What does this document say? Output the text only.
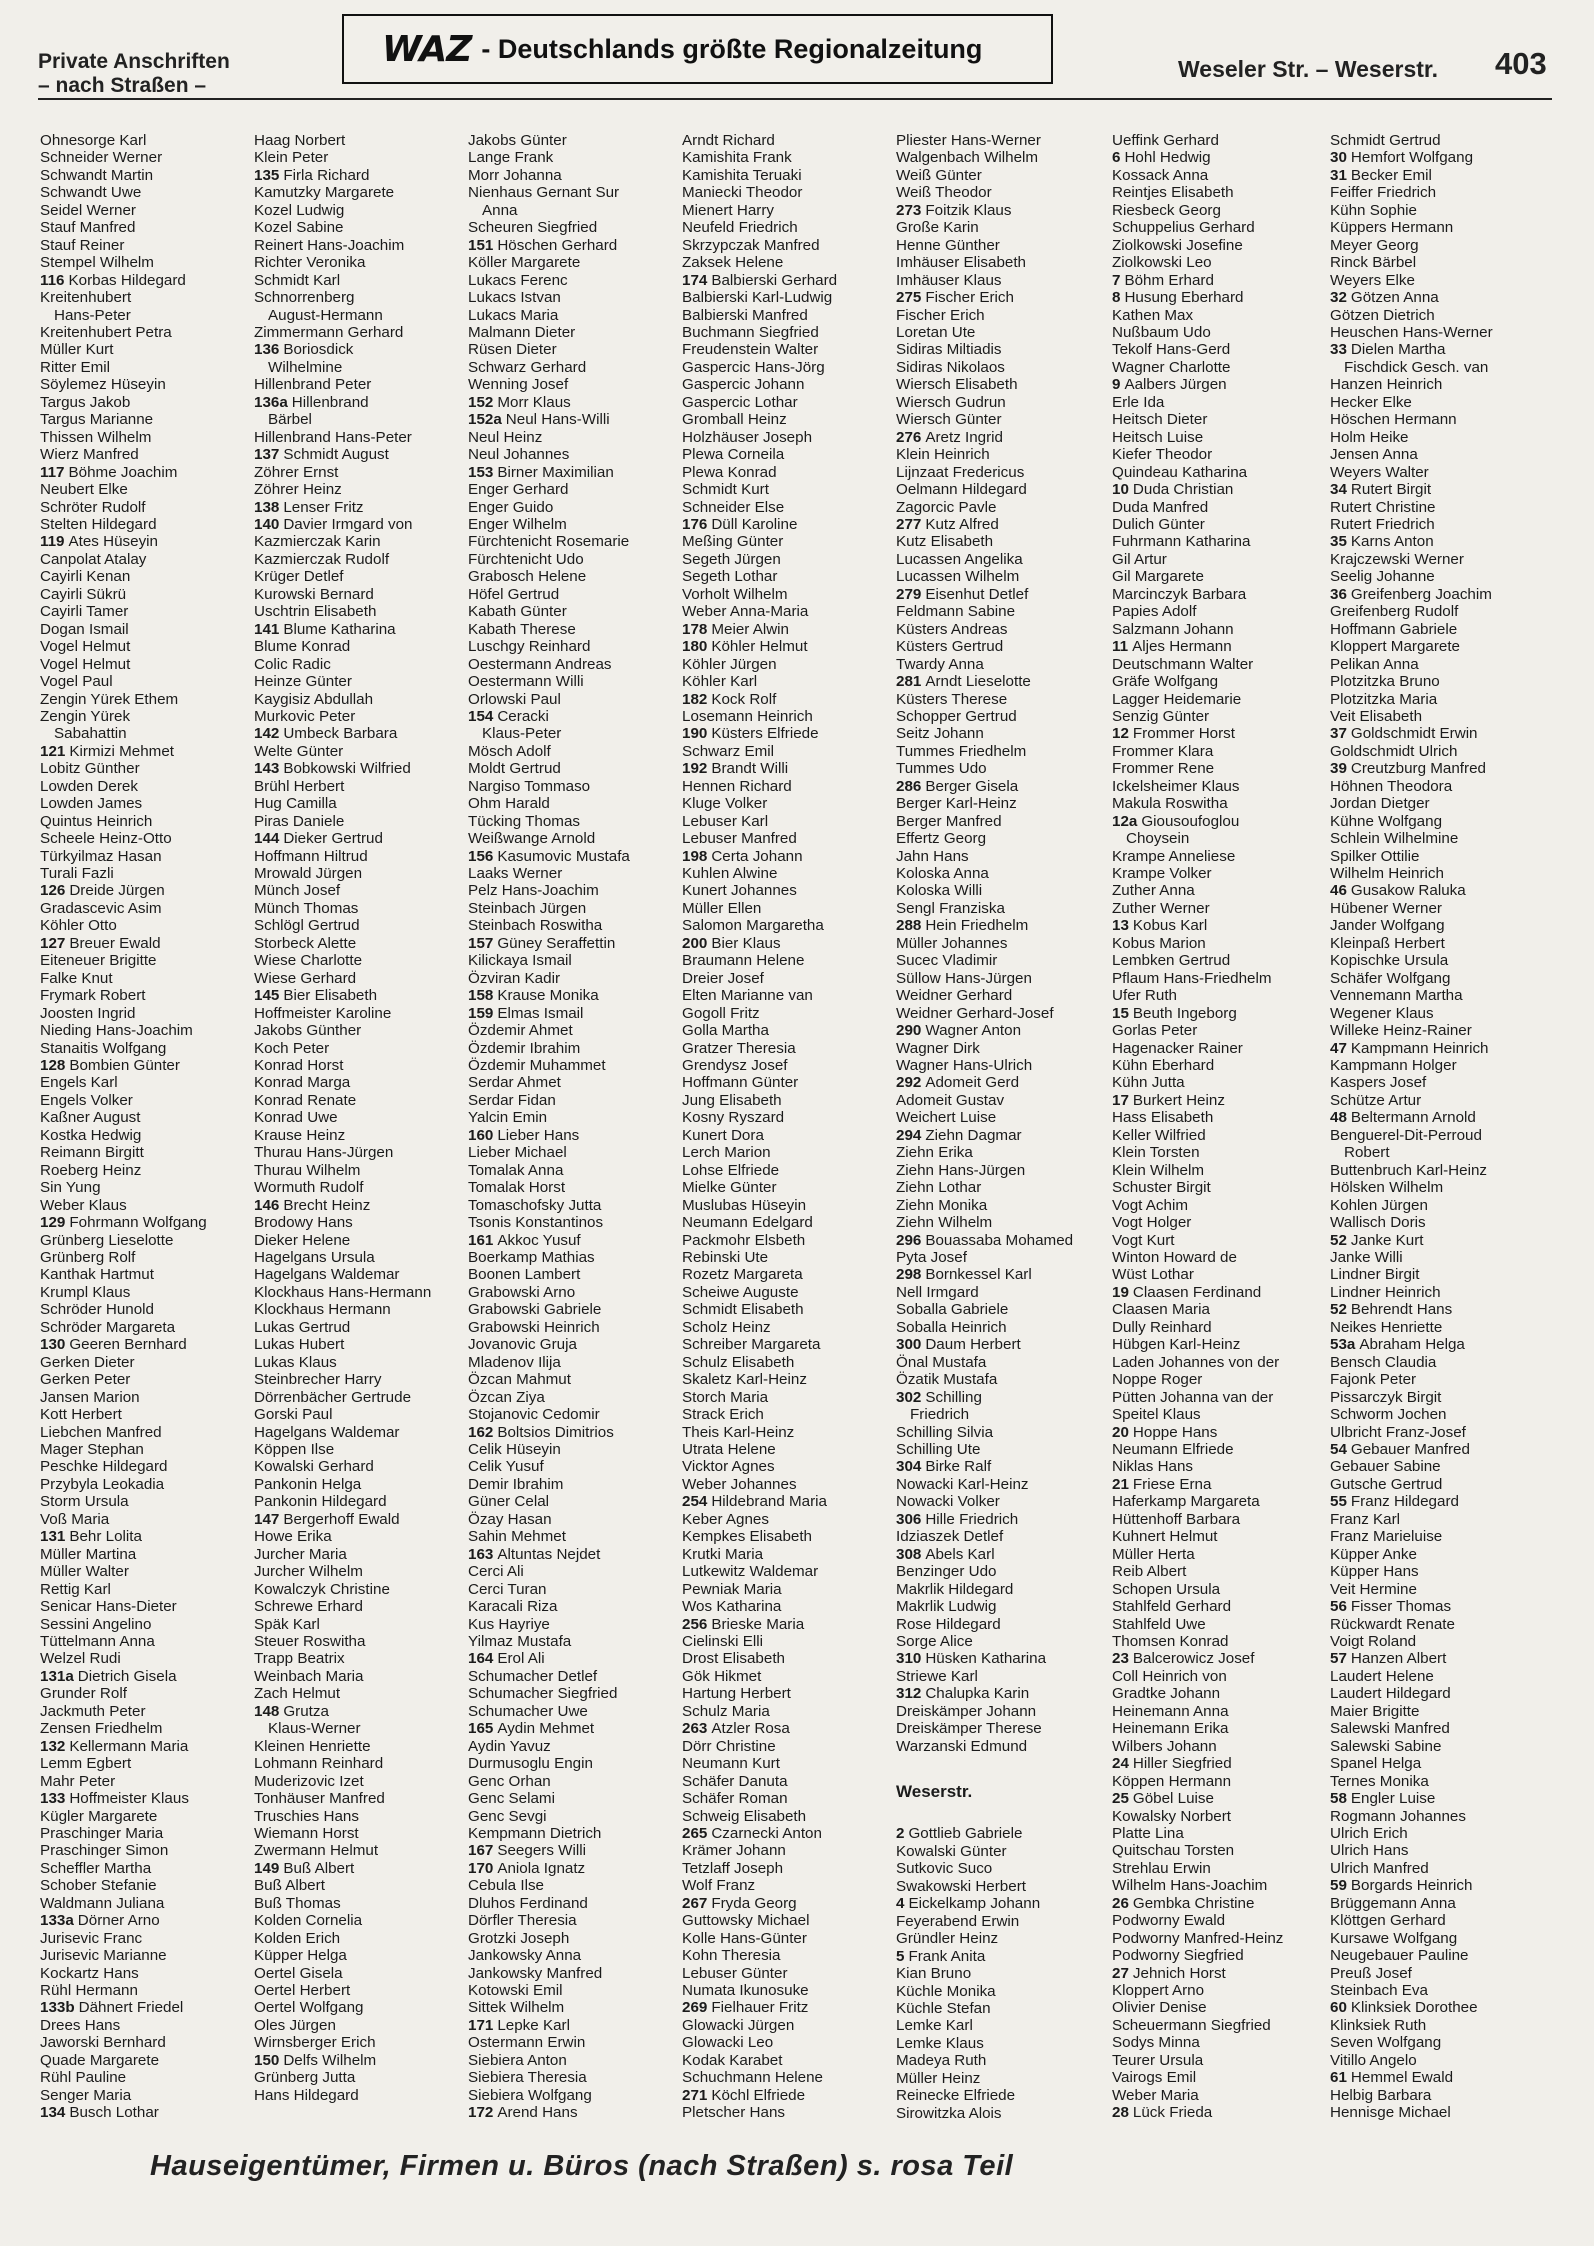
Private Anschriften
– nach Straßen –
WAZ - Deutschlands größte Regionalzeitung
Weseler Str. – Weserstr. 403
Ohnesorge Karl
Schneider Werner
Schwandt Martin
Schwandt Uwe
Seidel Werner
Stauf Manfred
Stauf Reiner
Stempel Wilhelm
116 Korbas Hildegard
Kreitenhubert
Hans-Peter
Kreitenhubert Petra
Müller Kurt
Ritter Emil
Söylemez Hüseyin
Targus Jakob
Targus Marianne
Thissen Wilhelm
Wierz Manfred
117 Böhme Joachim
Neubert Elke
Schröter Rudolf
Stelten Hildegard
119 Ates Hüseyin
Canpolat Atalay
Cayirli Kenan
Cayirli Sükrü
Cayirli Tamer
Dogan Ismail
Vogel Helmut
Vogel Helmut
Vogel Paul
Zengin Yürek Ethem
Zengin Yürek
Sabahattin
121 Kirmizi Mehmet
Lobitz Günther
Lowden Derek
Lowden James
Quintus Heinrich
Scheele Heinz-Otto
Türkyilmaz Hasan
Turali Fazli
126 Dreide Jürgen
Gradascevic Asim
Köhler Otto
127 Breuer Ewald
Eiteneuer Brigitte
Falke Knut
Frymark Robert
Joosten Ingrid
Nieding Hans-Joachim
Stanaitis Wolfgang
128 Bombien Günter
Engels Karl
Engels Volker
Kaßner August
Kostka Hedwig
Reimann Birgitt
Roeberg Heinz
Sin Yung
Weber Klaus
129 Fohrmann Wolfgang
Grünberg Lieselotte
Grünberg Rolf
Kanthak Hartmut
Krumpl Klaus
Schröder Hunold
Schröder Margareta
130 Geeren Bernhard
Gerken Dieter
Gerken Peter
Jansen Marion
Kott Herbert
Liebchen Manfred
Mager Stephan
Peschke Hildegard
Przybyla Leokadia
Storm Ursula
Voß Maria
131 Behr Lolita
Müller Martina
Müller Walter
Rettig Karl
Senicar Hans-Dieter
Sessini Angelino
Tüttelmann Anna
Welzel Rudi
131a Dietrich Gisela
Grunder Rolf
Jackmuth Peter
Zensen Friedhelm
132 Kellermann Maria
Lemm Egbert
Mahr Peter
133 Hoffmeister Klaus
Kügler Margarete
Praschinger Maria
Praschinger Simon
Scheffler Martha
Schober Stefanie
Waldmann Juliana
133a Dörner Arno
Jurisevic Franc
Jurisevic Marianne
Kockartz Hans
Rühl Hermann
133b Dähnert Friedel
Drees Hans
Jaworski Bernhard
Quade Margarete
Rühl Pauline
Senger Maria
134 Busch Lothar
Haag Norbert
Klein Peter
135 Firla Richard
Kamutzky Margarete
Kozel Ludwig
Kozel Sabine
Reinert Hans-Joachim
Richter Veronika
Schmidt Karl
Schnorrenberg
August-Hermann
Zimmermann Gerhard
136 Boriosdick
Wilhelmine
Hillenbrand Peter
136a Hillenbrand
Bärbel
Hillenbrand Hans-Peter
137 Schmidt August
Zöhrer Ernst
Zöhrer Heinz
138 Lenser Fritz
140 Davier Irmgard von
Kazmierczak Karin
Kazmierczak Rudolf
Krüger Detlef
Kurowski Bernard
Uschtrin Elisabeth
141 Blume Katharina
Blume Konrad
Colic Radic
Heinze Günter
Kaygisiz Abdullah
Murkovic Peter
142 Umbeck Barbara
Welte Günter
143 Bobkowski Wilfried
Brühl Herbert
Hug Camilla
Piras Daniele
144 Dieker Gertrud
Hoffmann Hiltrud
Mrowald Jürgen
Münch Josef
Münch Thomas
Schlögl Gertrud
Storbeck Alette
Wiese Charlotte
Wiese Gerhard
145 Bier Elisabeth
Hoffmeister Karoline
Jakobs Günther
Koch Peter
Konrad Horst
Konrad Marga
Konrad Renate
Konrad Uwe
Krause Heinz
Thurau Hans-Jürgen
Thurau Wilhelm
Wormuth Rudolf
146 Brecht Heinz
Brodowy Hans
Dieker Helene
Hagelgans Ursula
Hagelgans Waldemar
Klockhaus Hans-Hermann
Klockhaus Hermann
Lukas Gertrud
Lukas Hubert
Lukas Klaus
Steinbrecher Harry
Dörrenbächer Gertrude
Gorski Paul
Hagelgans Waldemar
Köppen Ilse
Kowalski Gerhard
Pankonin Helga
Pankonin Hildegard
147 Bergerhoff Ewald
Howe Erika
Jurcher Maria
Jurcher Wilhelm
Kowalczyk Christine
Schrewe Erhard
Späk Karl
Steuer Roswitha
Trapp Beatrix
Weinbach Maria
Zach Helmut
148 Grutza
Klaus-Werner
Kleinen Henriette
Lohmann Reinhard
Muderizovic Izet
Tonhäuser Manfred
Truschies Hans
Wiemann Horst
Zwermann Helmut
149 Buß Albert
Buß Albert
Buß Thomas
Kolden Cornelia
Kolden Erich
Küpper Helga
Oertel Gisela
Oertel Herbert
Oertel Wolfgang
Oles Jürgen
Wirnsberger Erich
150 Delfs Wilhelm
Grünberg Jutta
Hans Hildegard
Jakobs Günter
Lange Frank
Morr Johanna
Nienhaus Gernant Sur
Anna
Scheuren Siegfried
151 Höschen Gerhard
Köller Margarete
Lukacs Ferenc
Lukacs Istvan
Lukacs Maria
Malmann Dieter
Rüsen Dieter
Schwarz Gerhard
Wenning Josef
152 Morr Klaus
152a Neul Hans-Willi
Neul Heinz
Neul Johannes
153 Birner Maximilian
Enger Gerhard
Enger Guido
Enger Wilhelm
Fürchtenicht Rosemarie
Fürchtenicht Udo
Grabosch Helene
Höfel Gertrud
Kabath Günter
Kabath Therese
Luschgy Reinhard
Oestermann Andreas
Oestermann Willi
Orlowski Paul
154 Ceracki
Klaus-Peter
Mösch Adolf
Moldt Gertrud
Nargiso Tommaso
Ohm Harald
Tücking Thomas
Weißwange Arnold
156 Kasumovic Mustafa
Laaks Werner
Pelz Hans-Joachim
Steinbach Jürgen
Steinbach Roswitha
157 Güney Seraffettin
Kilickaya Ismail
Özviran Kadir
158 Krause Monika
159 Elmas Ismail
Özdemir Ahmet
Özdemir Ibrahim
Özdemir Muhammet
Serdar Ahmet
Serdar Fidan
Yalcin Emin
160 Lieber Hans
Lieber Michael
Tomalak Anna
Tomalak Horst
Tomaschofsky Jutta
Tsonis Konstantinos
161 Akkoc Yusuf
Boerkamp Mathias
Boonen Lambert
Grabowski Arno
Grabowski Gabriele
Grabowski Heinrich
Jovanovic Gruja
Mladenov Ilija
Özcan Mahmut
Özcan Ziya
Stojanovic Cedomir
162 Boltsios Dimitrios
Celik Hüseyin
Celik Yusuf
Demir Ibrahim
Güner Celal
Özay Hasan
Sahin Mehmet
163 Altuntas Nejdet
Cerci Ali
Cerci Turan
Karacali Riza
Kus Hayriye
Yilmaz Mustafa
164 Erol Ali
Schumacher Detlef
Schumacher Siegfried
Schumacher Uwe
165 Aydin Mehmet
Aydin Yavuz
Durmusoglu Engin
Genc Orhan
Genc Selami
Genc Sevgi
Kempmann Dietrich
167 Seegers Willi
170 Aniola Ignatz
Cebula Ilse
Dluhos Ferdinand
Dörfler Theresia
Grotzki Joseph
Jankowsky Anna
Jankowsky Manfred
Kotowski Emil
Sittek Wilhelm
171 Lepke Karl
Ostermann Erwin
Siebiera Anton
Siebiera Theresia
Siebiera Wolfgang
172 Arend Hans
Arndt Richard
Kamishita Frank
Kamishita Teruaki
Maniecki Theodor
Mienert Harry
Neufeld Friedrich
Skrzypczak Manfred
Zaksek Helene
174 Balbierski Gerhard
Balbierski Karl-Ludwig
Balbierski Manfred
Buchmann Siegfried
Freudenstein Walter
Gaspercic Hans-Jörg
Gaspercic Johann
Gaspercic Lothar
Gromball Heinz
Holzhäuser Joseph
Plewa Corneila
Plewa Konrad
Schmidt Kurt
Schneider Else
176 Düll Karoline
Meßing Günter
Segeth Jürgen
Segeth Lothar
Vorholt Wilhelm
Weber Anna-Maria
178 Meier Alwin
180 Köhler Helmut
Köhler Jürgen
Köhler Karl
182 Kock Rolf
Losemann Heinrich
190 Küsters Elfriede
Schwarz Emil
192 Brandt Willi
Hennen Richard
Kluge Volker
Lebuser Karl
Lebuser Manfred
198 Certa Johann
Kuhlen Alwine
Kunert Johannes
Müller Ellen
Salomon Margaretha
200 Bier Klaus
Braumann Helene
Dreier Josef
Elten Marianne van
Gogoll Fritz
Golla Martha
Gratzer Theresia
Grendysz Josef
Hoffmann Günter
Jung Elisabeth
Kosny Ryszard
Kunert Dora
Lerch Marion
Lohse Elfriede
Mielke Günter
Muslubas Hüseyin
Neumann Edelgard
Packmohr Elsbeth
Rebinski Ute
Rozetz Margareta
Scheiwe Auguste
Schmidt Elisabeth
Scholz Heinz
Schreiber Margareta
Schulz Elisabeth
Skaletz Karl-Heinz
Storch Maria
Strack Erich
Theis Karl-Heinz
Utrata Helene
Vicktor Agnes
Weber Johannes
254 Hildebrand Maria
Keber Agnes
Kempkes Elisabeth
Krutki Maria
Lutkewitz Waldemar
Pewniak Maria
Wos Katharina
256 Brieske Maria
Cielinski Elli
Drost Elisabeth
Gök Hikmet
Hartung Herbert
Schulz Maria
263 Atzler Rosa
Dörr Christine
Neumann Kurt
Schäfer Danuta
Schäfer Roman
Schweig Elisabeth
265 Czarnecki Anton
Krämer Johann
Tetzlaff Joseph
Wolf Franz
267 Fryda Georg
Guttowsky Michael
Kolle Hans-Günter
Kohn Theresia
Lebuser Günter
Numata Ikunosuke
269 Fielhauer Fritz
Glowacki Jürgen
Glowacki Leo
Kodak Karabet
Schuchmann Helene
271 Köchl Elfriede
Pletscher Hans
Pliester Hans-Werner
Walgenbach Wilhelm
Weiß Günter
Weiß Theodor
273 Foitzik Klaus
Große Karin
Henne Günther
Imhäuser Elisabeth
Imhäuser Klaus
275 Fischer Erich
Fischer Erich
Loretan Ute
Sidiras Miltiadis
Sidiras Nikolaos
Wiersch Elisabeth
Wiersch Gudrun
Wiersch Günter
276 Aretz Ingrid
Klein Heinrich
Lijnzaat Fredericus
Oelmann Hildegard
Zagorcic Pavle
277 Kutz Alfred
Kutz Elisabeth
Lucassen Angelika
Lucassen Wilhelm
279 Eisenhut Detlef
Feldmann Sabine
Küsters Andreas
Küsters Gertrud
Twardy Anna
281 Arndt Lieselotte
Küsters Therese
Schopper Gertrud
Seitz Johann
Tummes Friedhelm
Tummes Udo
286 Berger Gisela
Berger Karl-Heinz
Berger Manfred
Effertz Georg
Jahn Hans
Koloska Anna
Koloska Willi
Sengl Franziska
288 Hein Friedhelm
Müller Johannes
Sucec Vladimir
Süllow Hans-Jürgen
Weidner Gerhard
Weidner Gerhard-Josef
290 Wagner Anton
Wagner Dirk
Wagner Hans-Ulrich
292 Adomeit Gerd
Adomeit Gustav
Weichert Luise
294 Ziehn Dagmar
Ziehn Erika
Ziehn Hans-Jürgen
Ziehn Lothar
Ziehn Monika
Ziehn Wilhelm
296 Bouassaba Mohamed
Pyta Josef
298 Bornkessel Karl
Nell Irmgard
Soballa Gabriele
Soballa Heinrich
300 Daum Herbert
Önal Mustafa
Özatik Mustafa
302 Schilling
Friedrich
Schilling Silvia
Schilling Ute
304 Birke Ralf
Nowacki Karl-Heinz
Nowacki Volker
306 Hille Friedrich
Idziaszek Detlef
308 Abels Karl
Benzinger Udo
Makrlik Hildegard
Makrlik Ludwig
Rose Hildegard
Sorge Alice
310 Hüsken Katharina
Striewe Karl
312 Chalupka Karin
Dreiskämper Johann
Dreiskämper Therese
Warzanski Edmund
Weserstr.
2 Gottlieb Gabriele
Kowalski Günter
Sutkovic Suco
Swakowski Herbert
4 Eickelkamp Johann
Feyerabend Erwin
Gründler Heinz
5 Frank Anita
Kian Bruno
Küchle Monika
Küchle Stefan
Lemke Karl
Lemke Klaus
Madeya Ruth
Müller Heinz
Reinecke Elfriede
Sirowitzka Alois
Ueffink Gerhard
6 Hohl Hedwig
Kossack Anna
Reintjes Elisabeth
Riesbeck Georg
Schuppelius Gerhard
Ziolkowski Josefine
Ziolkowski Leo
7 Böhm Erhard
8 Husung Eberhard
Kathen Max
Nußbaum Udo
Tekolf Hans-Gerd
Wagner Charlotte
9 Aalbers Jürgen
Erle Ida
Heitsch Dieter
Heitsch Luise
Kiefer Theodor
Quindeau Katharina
10 Duda Christian
Duda Manfred
Dulich Günter
Fuhrmann Katharina
Gil Artur
Gil Margarete
Marcinczyk Barbara
Papies Adolf
Salzmann Johann
11 Aljes Hermann
Deutschmann Walter
Gräfe Wolfgang
Lagger Heidemarie
Senzig Günter
12 Frommer Horst
Frommer Klara
Frommer Rene
Ickelsheimer Klaus
Makula Roswitha
12a Giousoufoglou
Choysein
Krampe Anneliese
Krampe Volker
Zuther Anna
Zuther Werner
13 Kobus Karl
Kobus Marion
Lembken Gertrud
Pflaum Hans-Friedhelm
Ufer Ruth
15 Beuth Ingeborg
Gorlas Peter
Hagenacker Rainer
Kühn Eberhard
Kühn Jutta
17 Burkert Heinz
Hass Elisabeth
Keller Wilfried
Klein Torsten
Klein Wilhelm
Schuster Birgit
Vogt Achim
Vogt Holger
Vogt Kurt
Winton Howard de
Wüst Lothar
19 Claasen Ferdinand
Claasen Maria
Dully Reinhard
Hübgen Karl-Heinz
Laden Johannes von der
Noppe Roger
Pütten Johanna van der
Speitel Klaus
20 Hoppe Hans
Neumann Elfriede
Niklas Hans
21 Friese Erna
Haferkamp Margareta
Hüttenhoff Barbara
Kuhnert Helmut
Müller Herta
Reib Albert
Schopen Ursula
Stahlfeld Gerhard
Stahlfeld Uwe
Thomsen Konrad
23 Balcerowicz Josef
Coll Heinrich von
Gradtke Johann
Heinemann Anna
Heinemann Erika
Wilbers Johann
24 Hiller Siegfried
Köppen Hermann
25 Göbel Luise
Kowalsky Norbert
Platte Lina
Quitschau Torsten
Strehlau Erwin
Wilhelm Hans-Joachim
26 Gembka Christine
Podworny Ewald
Podworny Manfred-Heinz
Podworny Siegfried
27 Jehnich Horst
Kloppert Arno
Olivier Denise
Scheuermann Siegfried
Sodys Minna
Teurer Ursula
Vairogs Emil
Weber Maria
28 Lück Frieda
Schmidt Gertrud
30 Hemfort Wolfgang
31 Becker Emil
Feiffer Friedrich
Kühn Sophie
Küppers Hermann
Meyer Georg
Rinck Bärbel
Weyers Elke
32 Götzen Anna
Götzen Dietrich
Heuschen Hans-Werner
33 Dielen Martha
Fischdick Gesch. van
Hanzen Heinrich
Hecker Elke
Höschen Hermann
Holm Heike
Jensen Anna
Weyers Walter
34 Rutert Birgit
Rutert Christine
Rutert Friedrich
35 Karns Anton
Krajczewski Werner
Seelig Johanne
36 Greifenberg Joachim
Greifenberg Rudolf
Hoffmann Gabriele
Kloppert Margarete
Pelikan Anna
Plotzitzka Bruno
Plotzitzka Maria
Veit Elisabeth
37 Goldschmidt Erwin
Goldschmidt Ulrich
39 Creutzburg Manfred
Höhnen Theodora
Jordan Dietger
Kühne Wolfgang
Schlein Wilhelmine
Spilker Ottilie
Wilhelm Heinrich
46 Gusakow Raluka
Hübener Werner
Jander Wolfgang
Kleinpaß Herbert
Kopischke Ursula
Schäfer Wolfgang
Vennemann Martha
Wegener Klaus
Willeke Heinz-Rainer
47 Kampmann Heinrich
Kampmann Holger
Kaspers Josef
Schütze Artur
48 Beltermann Arnold
Benguerel-Dit-Perroud
Robert
Buttenbruch Karl-Heinz
Hölsken Wilhelm
Kohlen Jürgen
Wallisch Doris
52 Janke Kurt
Janke Willi
Lindner Birgit
Lindner Heinrich
52 Behrendt Hans
Neikes Henriette
53a Abraham Helga
Bensch Claudia
Fajonk Peter
Pissarczyk Birgit
Schworm Jochen
Ulbricht Franz-Josef
54 Gebauer Manfred
Gebauer Sabine
Gutsche Gertrud
55 Franz Hildegard
Franz Karl
Franz Marieluise
Küpper Anke
Küpper Hans
Veit Hermine
56 Fisser Thomas
Rückwardt Renate
Voigt Roland
57 Hanzen Albert
Laudert Helene
Laudert Hildegard
Maier Brigitte
Salewski Manfred
Salewski Sabine
Spanel Helga
Ternes Monika
58 Engler Luise
Rogmann Johannes
Ulrich Erich
Ulrich Hans
Ulrich Manfred
59 Borgards Heinrich
Brüggemann Anna
Klöttgen Gerhard
Kursawe Wolfgang
Neugebauer Pauline
Preuß Josef
Steinbach Eva
60 Klinksiek Dorothee
Klinksiek Ruth
Seven Wolfgang
Vitillo Angelo
61 Hemmel Ewald
Helbig Barbara
Hennisge Michael
Hauseigentümer, Firmen u. Büros (nach Straßen) s. rosa Teil
